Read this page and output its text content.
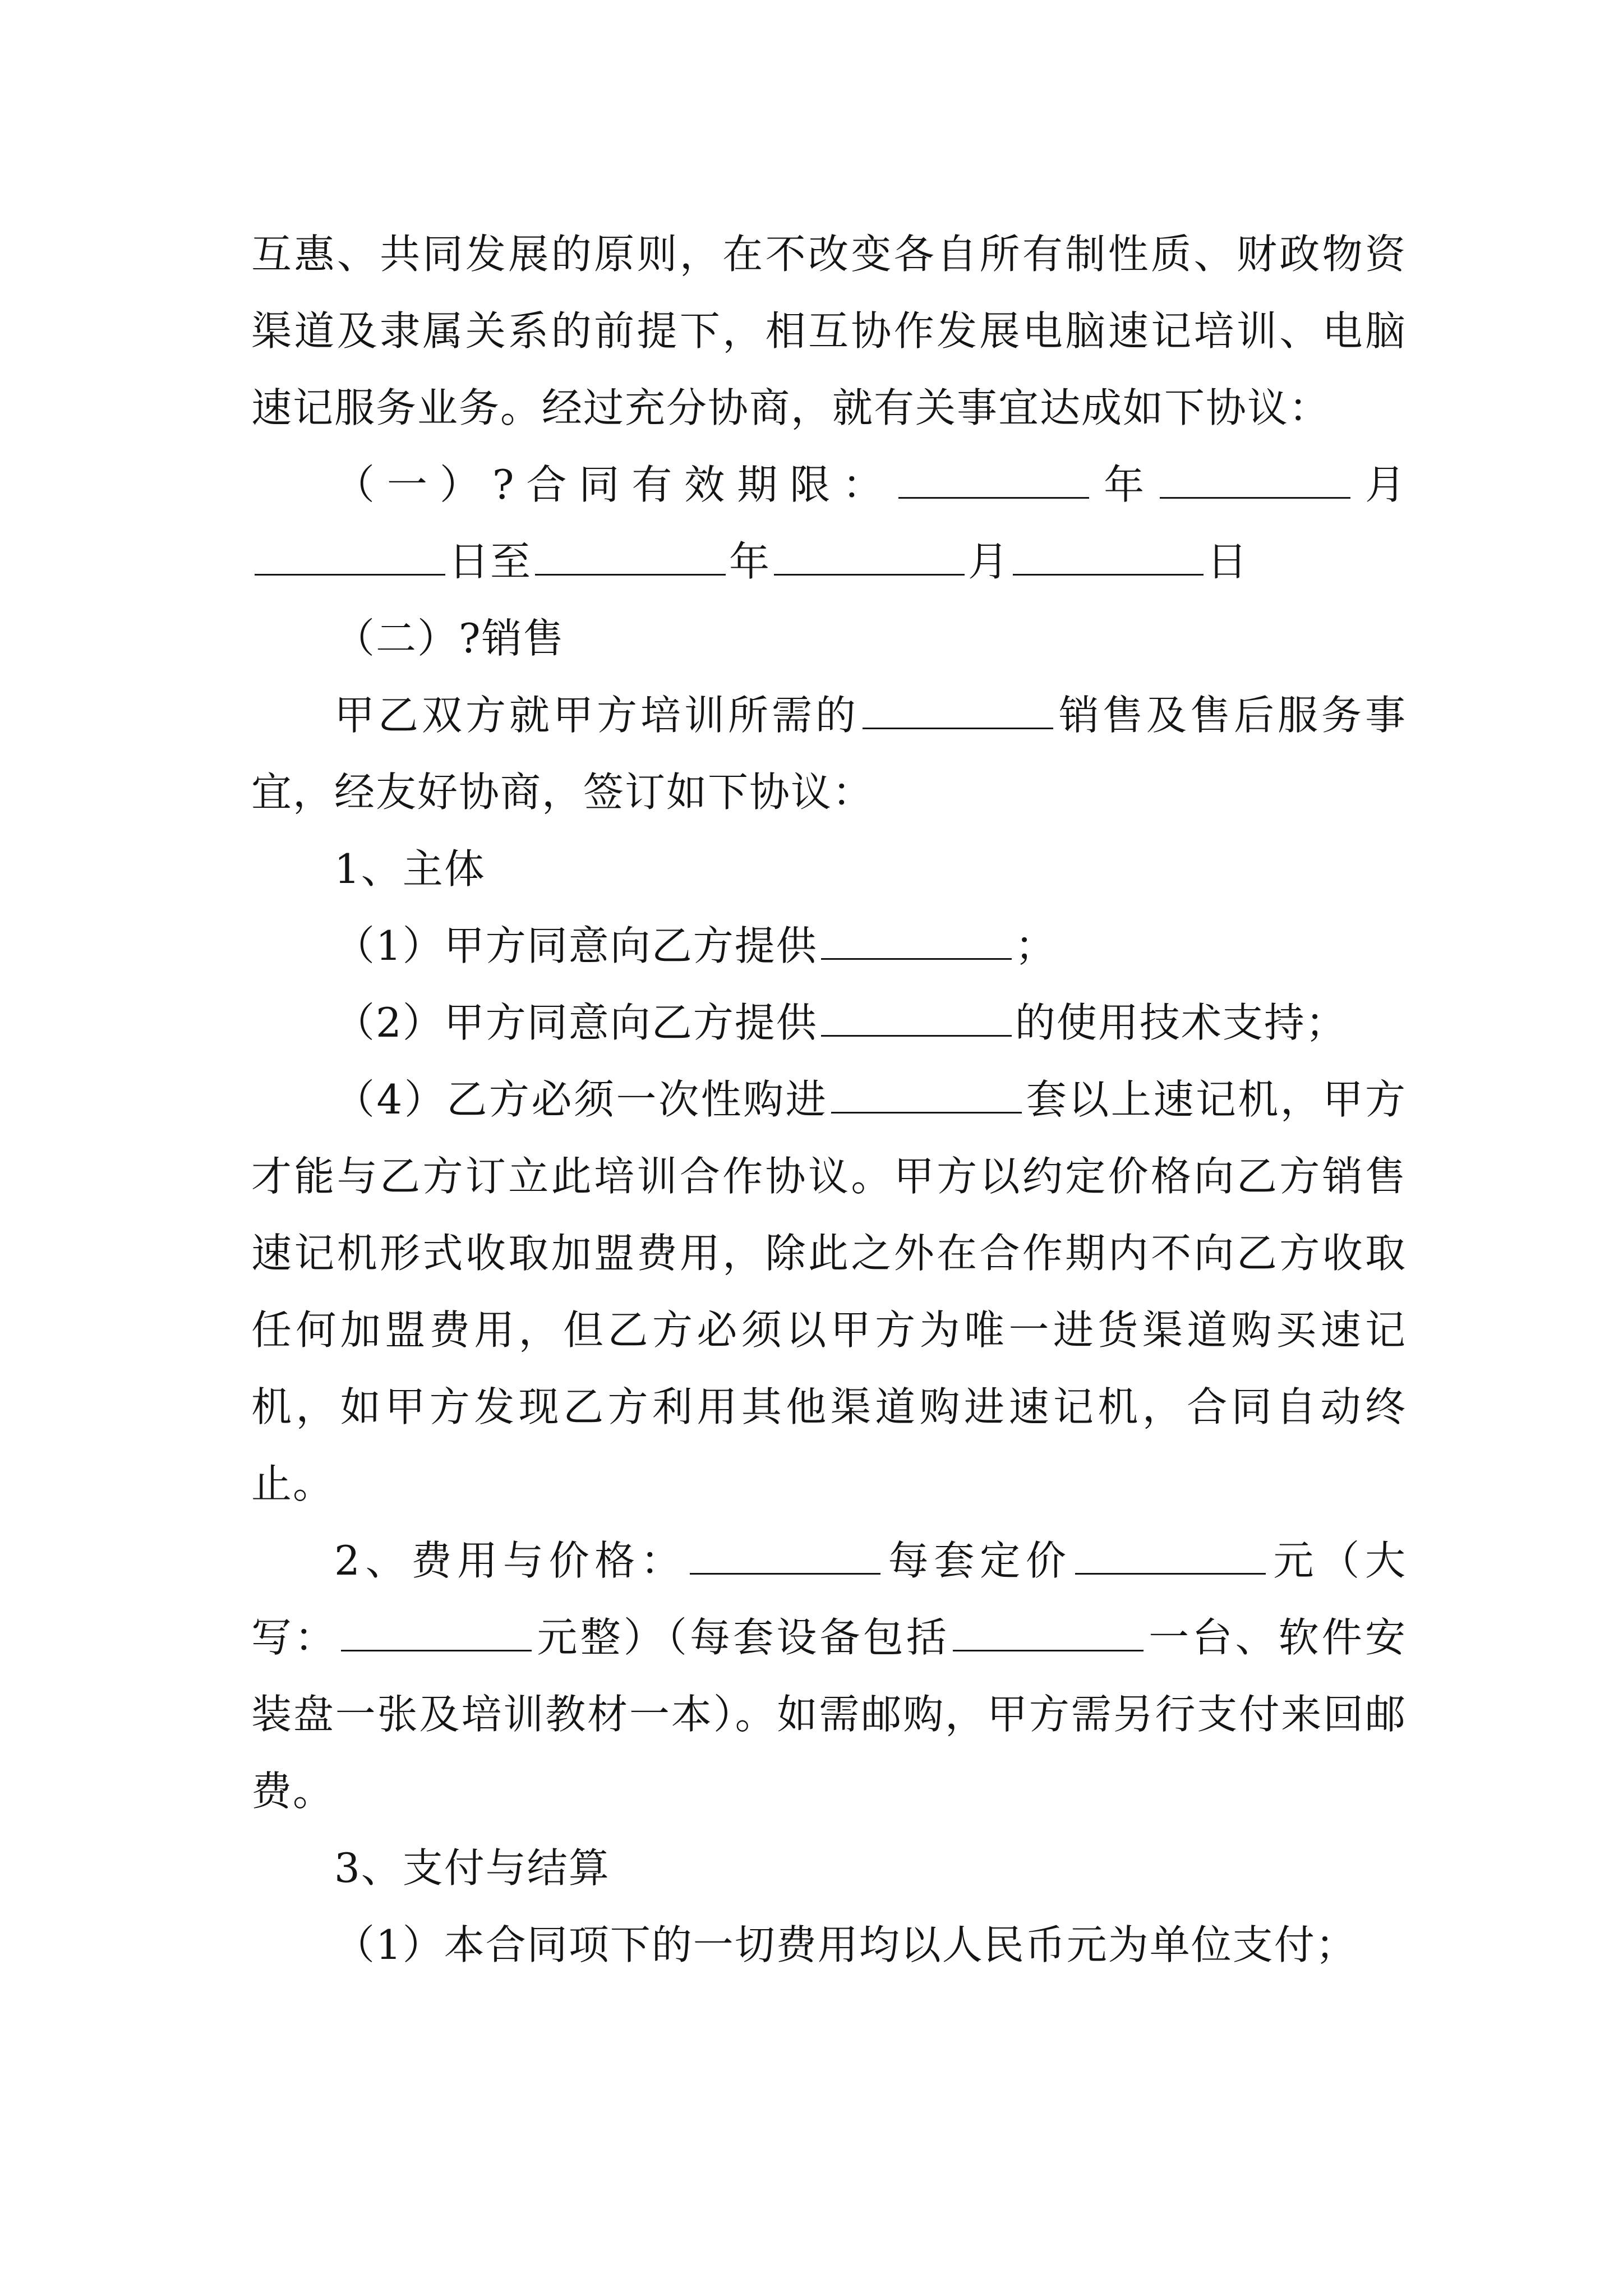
互惠、共同发展的原则，在不改变各自所有制性质、财政物资渠道及隶属关系的前提下，相互协作发展电脑速记培训、电脑速记服务业务。经过充分协商，就有关事宜达成如下协议：

（一）?合同有效期限：	年	月日至	年	月	日

（二）?销售

甲乙双方就甲方培训所需的	销售及售后服务事宜，经友好协商，签订如下协议：

1、主体

（1）甲方同意向乙方提供	；

（2）甲方同意向乙方提供	的使用技术支持；

（4）乙方必须一次性购进	套以上速记机，甲方才能与乙方订立此培训合作协议。甲方以约定价格向乙方销售速记机形式收取加盟费用，除此之外在合作期内不向乙方收取任何加盟费用，但乙方必须以甲方为唯一进货渠道购买速记机，如甲方发现乙方利用其他渠道购进速记机，合同自动终止。

2、费用与价格：	每套定价	元（大写：	元整）（每套设备包括	一台、软件安装盘一张及培训教材一本）。如需邮购，甲方需另行支付来回邮费。

3、支付与结算

（1）本合同项下的一切费用均以人民币元为单位支付；
